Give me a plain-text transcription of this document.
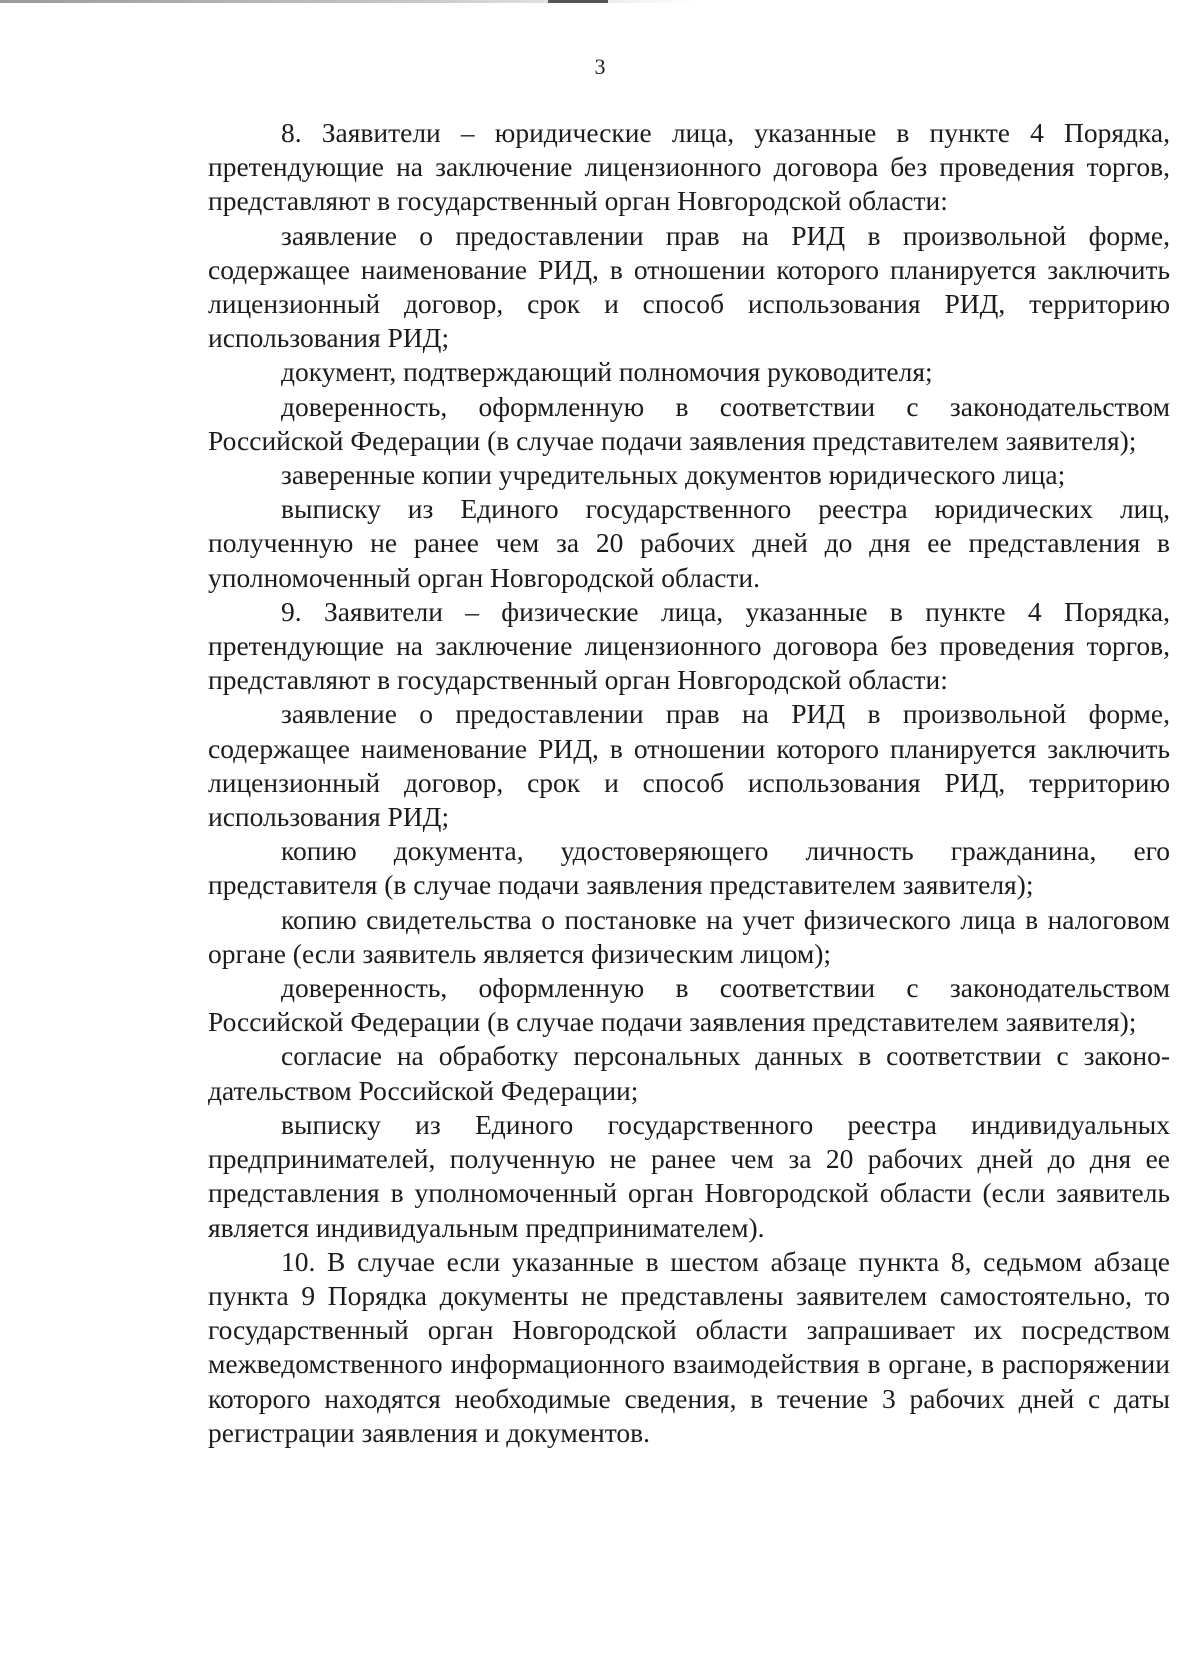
3

8. Заявители – юридические лица, указанные в пункте 4 Порядка, претендующие на заключение лицензионного договора без проведения торгов, представляют в государственный орган Новгородской области:

заявление о предоставлении прав на РИД в произвольной форме, содержащее наименование РИД, в отношении которого планируется заключить лицензионный договор, срок и способ использования РИД, территорию использования РИД;

документ, подтверждающий полномочия руководителя;

доверенность, оформленную в соответствии с законодательством Российской Федерации (в случае подачи заявления представителем заявителя);

заверенные копии учредительных документов юридического лица;

выписку из Единого государственного реестра юридических лиц, полученную не ранее чем за 20 рабочих дней до дня ее представления в уполномоченный орган Новгородской области.

9. Заявители – физические лица, указанные в пункте 4 Порядка, претендующие на заключение лицензионного договора без проведения торгов, представляют в государственный орган Новгородской области:

заявление о предоставлении прав на РИД в произвольной форме, содержащее наименование РИД, в отношении которого планируется заключить лицензионный договор, срок и способ использования РИД, территорию использования РИД;

копию документа, удостоверяющего личность гражданина, его представителя (в случае подачи заявления представителем заявителя);

копию свидетельства о постановке на учет физического лица в налоговом органе (если заявитель является физическим лицом);

доверенность, оформленную в соответствии с законодательством Российской Федерации (в случае подачи заявления представителем заявителя);

согласие на обработку персональных данных в соответствии с законо-дательством Российской Федерации;

выписку из Единого государственного реестра индивидуальных предпринимателей, полученную не ранее чем за 20 рабочих дней до дня ее представления в уполномоченный орган Новгородской области (если заявитель является индивидуальным предпринимателем).

10. В случае если указанные в шестом абзаце пункта 8, седьмом абзаце пункта 9 Порядка документы не представлены заявителем самостоятельно, то государственный орган Новгородской области запрашивает их посредством межведомственного информационного взаимодействия в органе, в распоряжении которого находятся необходимые сведения, в течение 3 рабочих дней с даты регистрации заявления и документов.
